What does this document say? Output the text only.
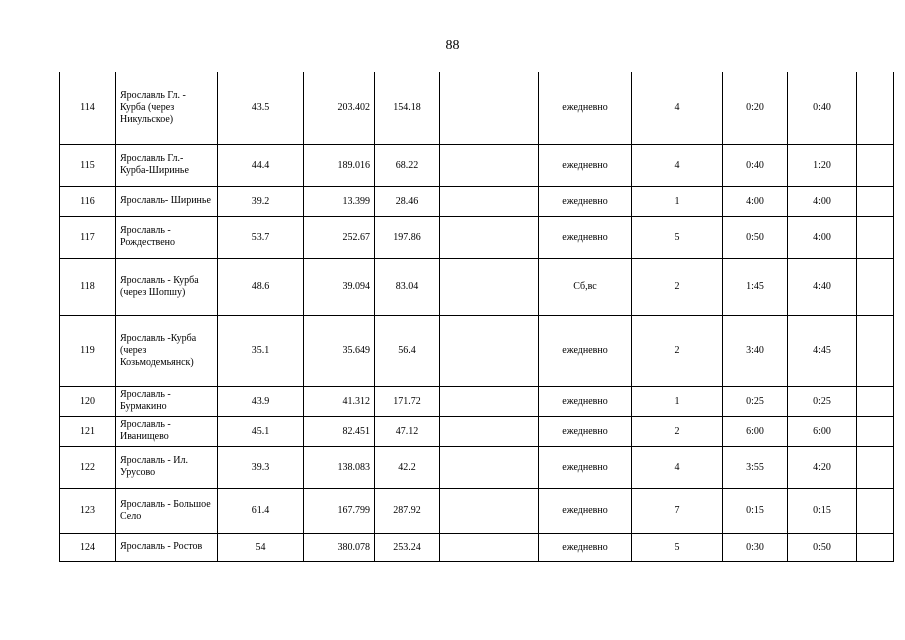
88
114	Ярославль Гл. - Курба (через Никульское)	43.5	203.402	154.18		ежедневно	4	0:20	0:40	
115	Ярославль Гл.- Курба-Ширинье	44.4	189.016	68.22		ежедневно	4	0:40	1:20	
116	Ярославль- Ширинье	39.2	13.399	28.46		ежедневно	1	4:00	4:00	
117	Ярославль - Рождествено	53.7	252.67	197.86		ежедневно	5	0:50	4:00	
118	Ярославль - Курба (через Шопшу)	48.6	39.094	83.04		Сб,вс	2	1:45	4:40	
119	Ярославль -Курба (через Козьмодемьянск)	35.1	35.649	56.4		ежедневно	2	3:40	4:45	
120	Ярославль - Бурмакино	43.9	41.312	171.72		ежедневно	1	0:25	0:25	
121	Ярославль - Иванищево	45.1	82.451	47.12		ежедневно	2	6:00	6:00	
122	Ярославль - Ил. Урусово	39.3	138.083	42.2		ежедневно	4	3:55	4:20	
123	Ярославль - Большое Село	61.4	167.799	287.92		ежедневно	7	0:15	0:15	
124	Ярославль - Ростов	54	380.078	253.24		ежедневно	5	0:30	0:50	
